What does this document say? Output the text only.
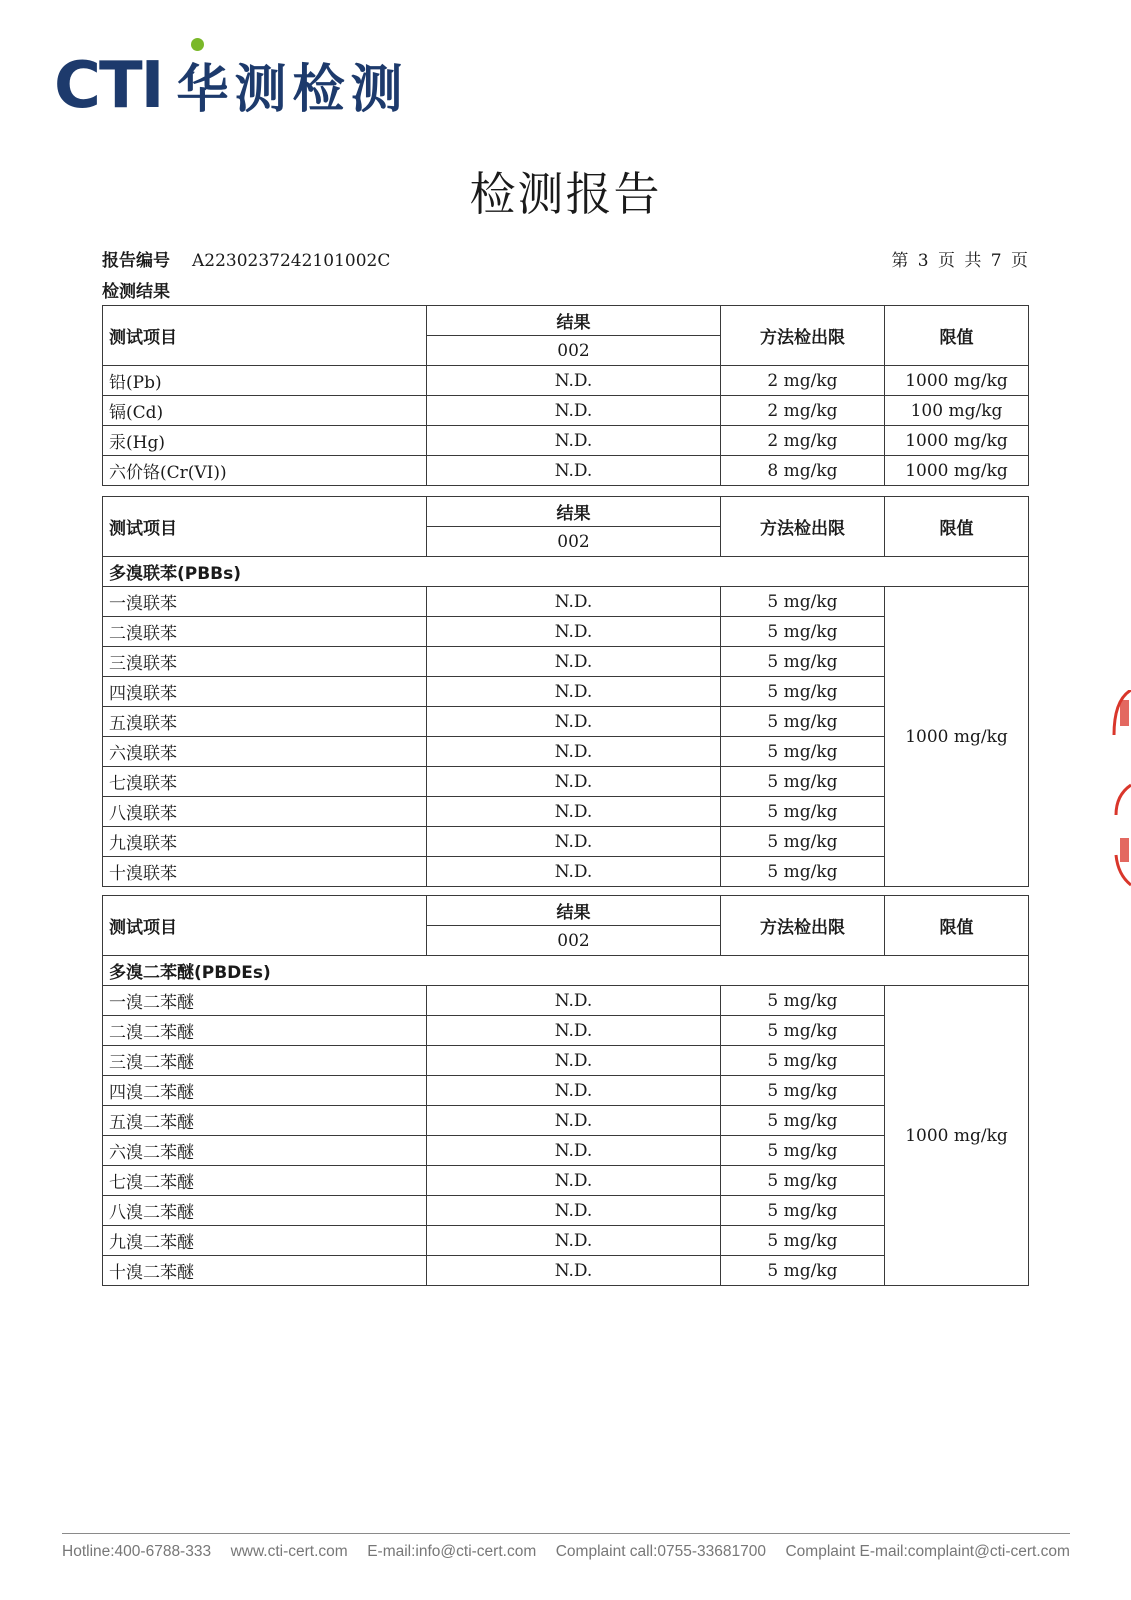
CTI 华测检测
检测报告
报告编号 A2230237242101002C	第 3 页 共 7 页
检测结果
测试项目	结果	方法检出限	限值
	002		
铅(Pb)	N.D.	2 mg/kg	1000 mg/kg
镉(Cd)	N.D.	2 mg/kg	100 mg/kg
汞(Hg)	N.D.	2 mg/kg	1000 mg/kg
六价铬(Cr(VI))	N.D.	8 mg/kg	1000 mg/kg
测试项目	结果	方法检出限	限值
	002		
多溴联苯(PBBs)			
一溴联苯	N.D.	5 mg/kg	1000 mg/kg
二溴联苯	N.D.	5 mg/kg	
三溴联苯	N.D.	5 mg/kg	
四溴联苯	N.D.	5 mg/kg	
五溴联苯	N.D.	5 mg/kg	
六溴联苯	N.D.	5 mg/kg	
七溴联苯	N.D.	5 mg/kg	
八溴联苯	N.D.	5 mg/kg	
九溴联苯	N.D.	5 mg/kg	
十溴联苯	N.D.	5 mg/kg	
测试项目	结果	方法检出限	限值
	002		
多溴二苯醚(PBDEs)			
一溴二苯醚	N.D.	5 mg/kg	1000 mg/kg
二溴二苯醚	N.D.	5 mg/kg	
三溴二苯醚	N.D.	5 mg/kg	
四溴二苯醚	N.D.	5 mg/kg	
五溴二苯醚	N.D.	5 mg/kg	
六溴二苯醚	N.D.	5 mg/kg	
七溴二苯醚	N.D.	5 mg/kg	
八溴二苯醚	N.D.	5 mg/kg	
九溴二苯醚	N.D.	5 mg/kg	
十溴二苯醚	N.D.	5 mg/kg	
Hotline:400-6788-333 www.cti-cert.com E-mail:info@cti-cert.com Complaint call:0755-33681700 Complaint E-mail:complaint@cti-cert.com
